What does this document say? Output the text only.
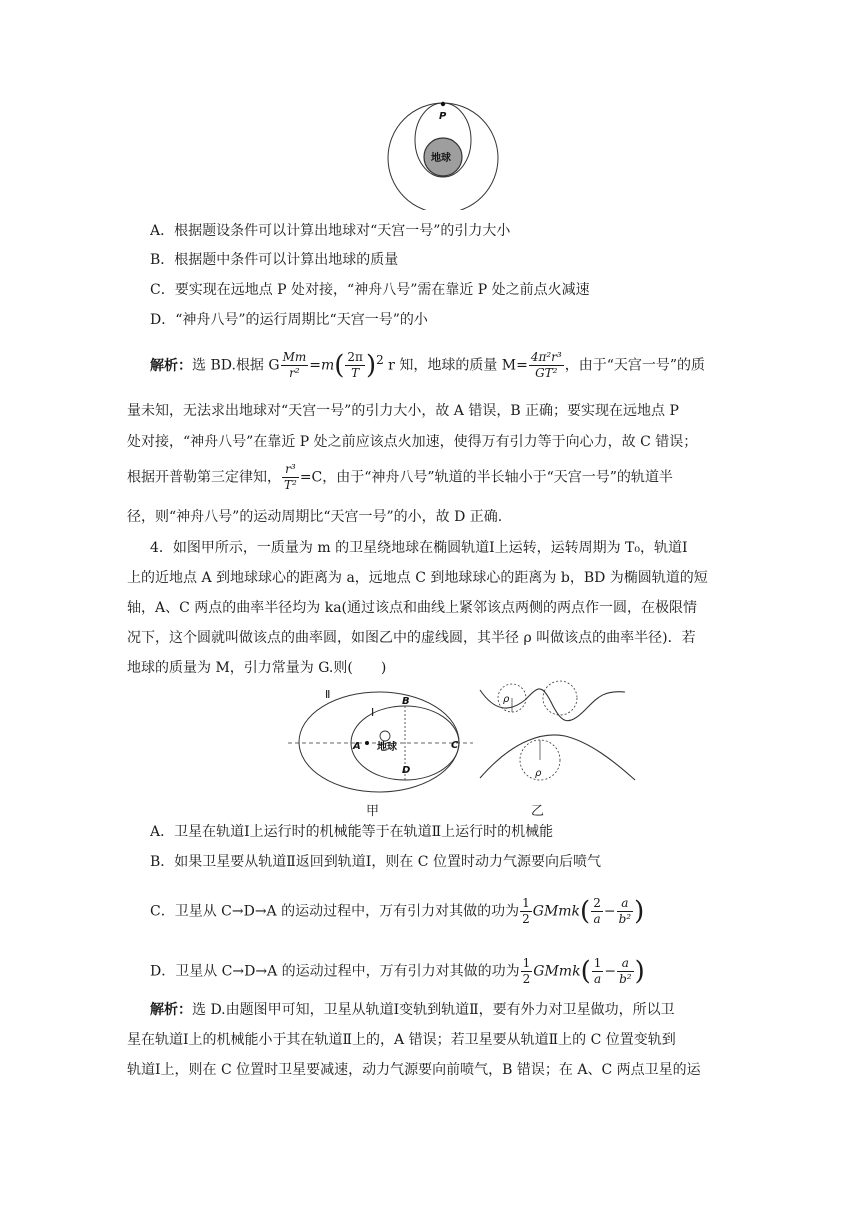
P
地球
A．根据题设条件可以计算出地球对“天宫一号”的引力大小
B．根据题中条件可以计算出地球的质量
C．要实现在远地点 P 处对接，“神舟八号”需在靠近 P 处之前点火减速
D．“神舟八号”的运行周期比“天宫一号”的小
解析：选 BD.根据 G $\frac{Mm}{\text{r²}} =m( \frac{2\pi}{T} )^2$ r 知，地球的质量 $M= \frac{\text{4π²r³}}{\text{GT²}}$ ，由于“天宫一号”的质
量未知，无法求出地球对“天宫一号”的引力大小，故 A 错误，B 正确；要实现在远地点 P
处对接，“神舟八号”在靠近 P 处之前应该点火加速，使得万有引力等于向心力，故 C 错误；
根据开普勒第三定律知， $\frac{\text{r³}}{\text{T²}} =C$，由于“神舟八号”轨道的半长轴小于“天宫一号”的轨道半
径，则“神舟八号”的运动周期比“天宫一号”的小，故 D 正确.
4．如图甲所示，一质量为 m 的卫星绕地球在椭圆轨道Ⅰ上运转，运转周期为 T₀，轨道Ⅰ
上的近地点 A 到地球球心的距离为 a，远地点 C 到地球球心的距离为 b，BD 为椭圆轨道的短
轴，A、C 两点的曲率半径均为 ka(通过该点和曲线上紧邻该点两侧的两点作一圆，在极限情
况下，这个圆就叫做该点的曲率圆，如图乙中的虚线圆，其半径 ρ 叫做该点的曲率半径)．若
地球的质量为 M，引力常量为 G.则(　　)
Ⅱ
Ⅰ
B
A	C
D
地球
ρ
ρ
甲	乙
A．卫星在轨道Ⅰ上运行时的机械能等于在轨道Ⅱ上运行时的机械能
B．如果卫星要从轨道Ⅱ返回到轨道Ⅰ，则在 C 位置时动力气源要向后喷气
C．卫星从 C→D→A 的运动过程中，万有引力对其做的功为 $\frac{1}{2}$ GMmk( $\frac{2}{a} - \frac{a}{\text{b²}}$ )
D．卫星从 C→D→A 的运动过程中，万有引力对其做的功为 $\frac{1}{2}$ GMmk( $\frac{1}{a} - \frac{a}{\text{b²}}$ )
解析：选 D.由题图甲可知，卫星从轨道Ⅰ变轨到轨道Ⅱ，要有外力对卫星做功，所以卫
星在轨道Ⅰ上的机械能小于其在轨道Ⅱ上的，A 错误；若卫星要从轨道Ⅱ上的 C 位置变轨到
轨道Ⅰ上，则在 C 位置时卫星要减速，动力气源要向前喷气，B 错误；在 A、C 两点卫星的运
